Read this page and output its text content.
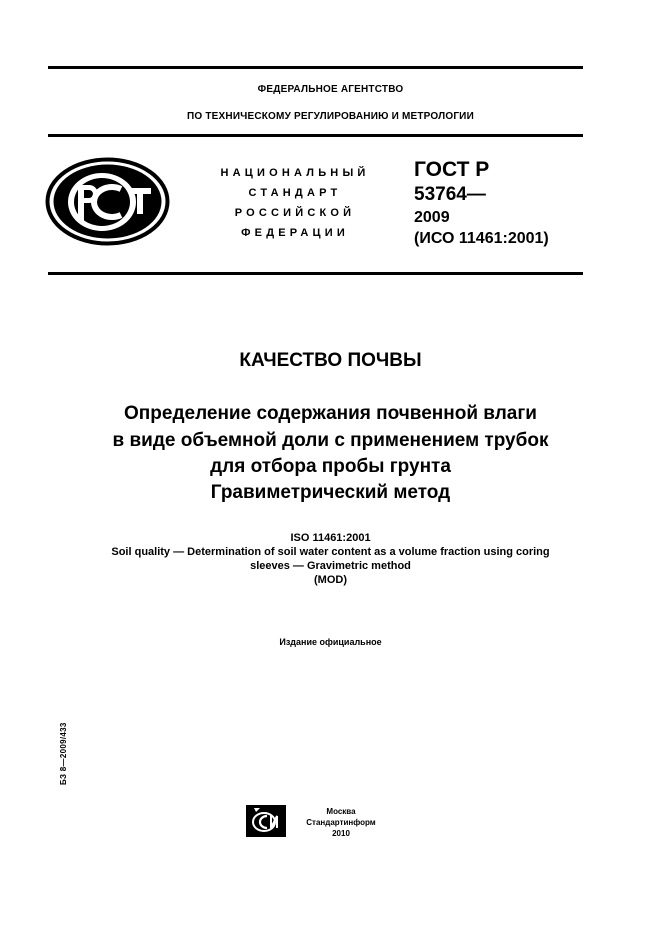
ФЕДЕРАЛЬНОЕ АГЕНТСТВО
ПО ТЕХНИЧЕСКОМУ РЕГУЛИРОВАНИЮ И МЕТРОЛОГИИ
НАЦИОНАЛЬНЫЙ
СТАНДАРТ
РОССИЙСКОЙ
ФЕДЕРАЦИИ
ГОСТ Р
53764—
2009
(ИСО 11461:2001)
КАЧЕСТВО ПОЧВЫ
Определение содержания почвенной влаги
в виде объемной доли с применением трубок
для отбора пробы грунта
Гравиметрический метод
ISO 11461:2001
Soil quality — Determination of soil water content as a volume fraction using coring
sleeves — Gravimetric method
(MOD)
Издание официальное
БЗ 8—2009/433
Москва
Стандартинформ
2010
